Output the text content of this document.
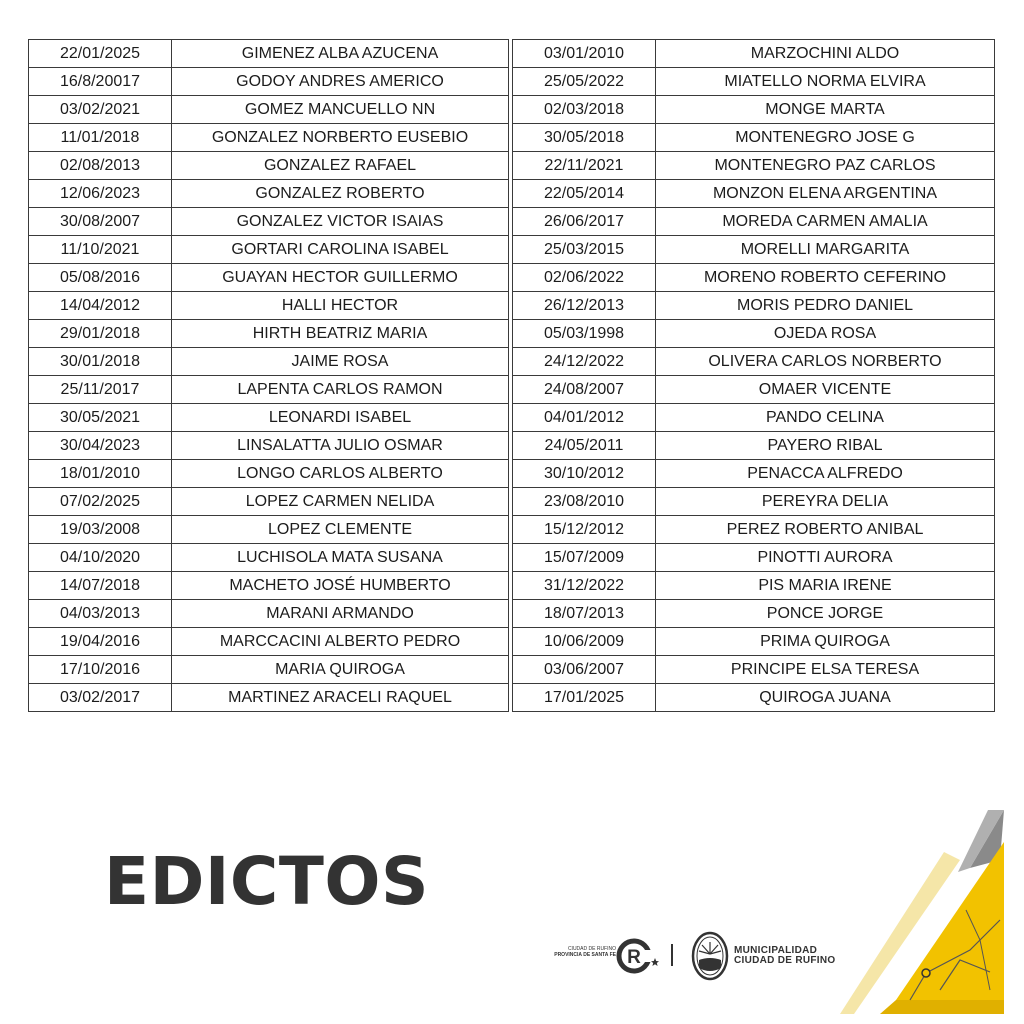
22/01/2025	GIMENEZ ALBA AZUCENA
16/8/20017	GODOY ANDRES AMERICO
03/02/2021	GOMEZ MANCUELLO NN
11/01/2018	GONZALEZ NORBERTO EUSEBIO
02/08/2013	GONZALEZ RAFAEL
12/06/2023	GONZALEZ ROBERTO
30/08/2007	GONZALEZ VICTOR ISAIAS
11/10/2021	GORTARI CAROLINA ISABEL
05/08/2016	GUAYAN HECTOR GUILLERMO
14/04/2012	HALLI HECTOR
29/01/2018	HIRTH BEATRIZ MARIA
30/01/2018	JAIME ROSA
25/11/2017	LAPENTA CARLOS RAMON
30/05/2021	LEONARDI ISABEL
30/04/2023	LINSALATTA JULIO OSMAR
18/01/2010	LONGO CARLOS ALBERTO
07/02/2025	LOPEZ CARMEN NELIDA
19/03/2008	LOPEZ CLEMENTE
04/10/2020	LUCHISOLA MATA SUSANA
14/07/2018	MACHETO JOSÉ HUMBERTO
04/03/2013	MARANI ARMANDO
19/04/2016	MARCCACINI ALBERTO PEDRO
17/10/2016	MARIA QUIROGA
03/02/2017	MARTINEZ ARACELI RAQUEL
03/01/2010	MARZOCHINI ALDO
25/05/2022	MIATELLO NORMA ELVIRA
02/03/2018	MONGE MARTA
30/05/2018	MONTENEGRO JOSE G
22/11/2021	MONTENEGRO PAZ CARLOS
22/05/2014	MONZON ELENA ARGENTINA
26/06/2017	MOREDA CARMEN AMALIA
25/03/2015	MORELLI MARGARITA
02/06/2022	MORENO ROBERTO CEFERINO
26/12/2013	MORIS PEDRO DANIEL
05/03/1998	OJEDA ROSA
24/12/2022	OLIVERA CARLOS NORBERTO
24/08/2007	OMAER VICENTE
04/01/2012	PANDO CELINA
24/05/2011	PAYERO RIBAL
30/10/2012	PENACCA ALFREDO
23/08/2010	PEREYRA DELIA
15/12/2012	PEREZ ROBERTO ANIBAL
15/07/2009	PINOTTI AURORA
31/12/2022	PIS MARIA IRENE
18/07/2013	PONCE JORGE
10/06/2009	PRIMA QUIROGA
03/06/2007	PRINCIPE ELSA TERESA
17/01/2025	QUIROGA JUANA
EDICTOS
CIUDAD DE RUFINO
PROVINCIA DE SANTA FE R	MUNICIPALIDAD
CIUDAD DE RUFINO
